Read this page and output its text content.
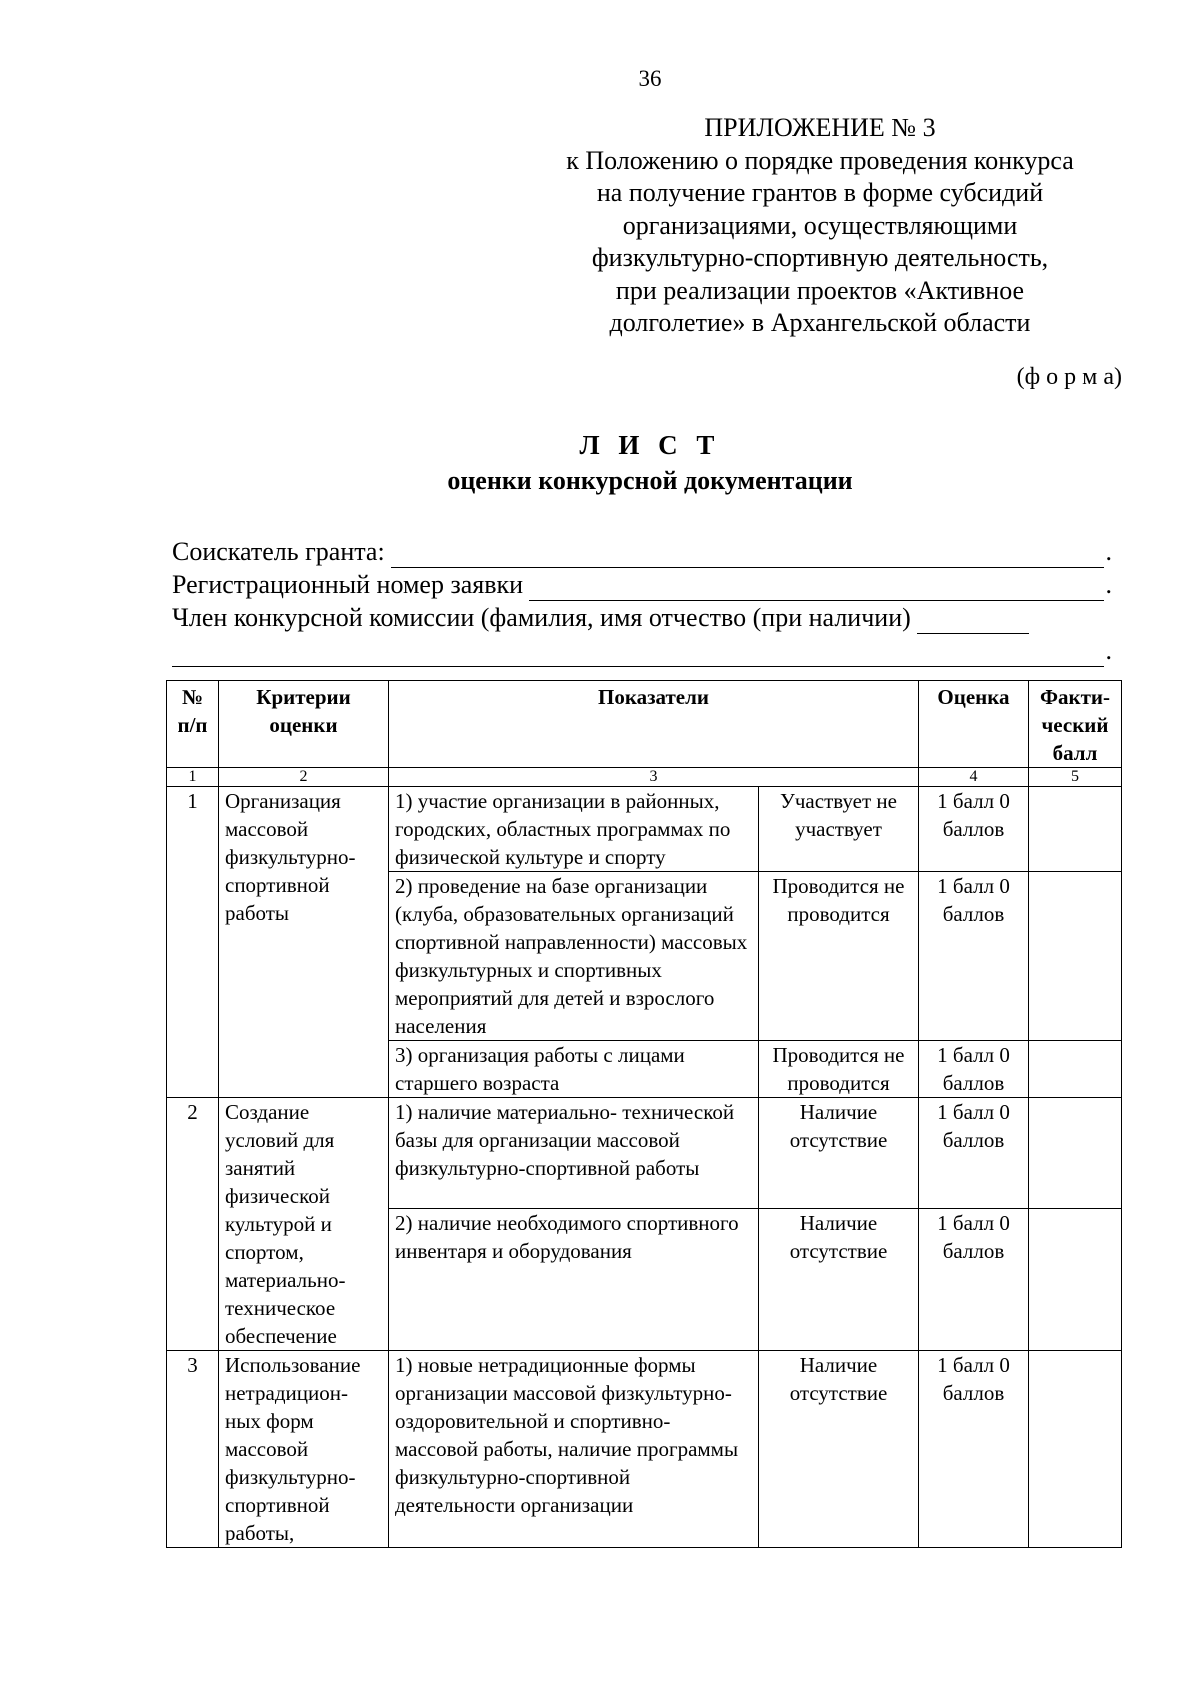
36
ПРИЛОЖЕНИЕ № 3
к Положению о порядке проведения конкурса
на получение грантов в форме субсидий
организациями, осуществляющими
физкультурно-спортивную деятельность,
при реализации проектов «Активное
долголетие» в Архангельской области
(ф о р м а)
Л И С Т
оценки конкурсной документации
Соискатель гранта:	.
Регистрационный номер заявки	.
Член конкурсной комиссии (фамилия, имя отчество (при наличии)
.
№ п/п	Критерии оценки	Показатели		Оценка	Факти- ческий балл
1	2	3		4	5
1	Организация массовой физкультурно- спортивной работы	1) участие организации в районных, городских, областных программах по физической культуре и спорту	Участвует не участвует	1 балл 0 баллов	
		2) проведение на базе организации (клуба, образовательных организаций спортивной направленности) массовых физкультурных и спортивных мероприятий для детей и взрослого населения	Проводится не проводится	1 балл 0 баллов	
		3) организация работы с лицами старшего возраста	Проводится не проводится	1 балл 0 баллов	
2	Создание условий для занятий физической культурой и спортом, материально- техническое обеспечение	1) наличие материально- технической базы для организации массовой физкультурно-спортивной работы	Наличие отсутствие	1 балл 0 баллов	
		2) наличие необходимого спортивного инвентаря и оборудования	Наличие отсутствие	1 балл 0 баллов	
3	Использование нетрадицион- ных форм массовой физкультурно- спортивной работы,	1) новые нетрадиционные формы организации массовой физкультурно-оздоровительной и спортивно-массовой работы, наличие программы физкультурно-спортивной деятельности организации	Наличие отсутствие	1 балл 0 баллов	
